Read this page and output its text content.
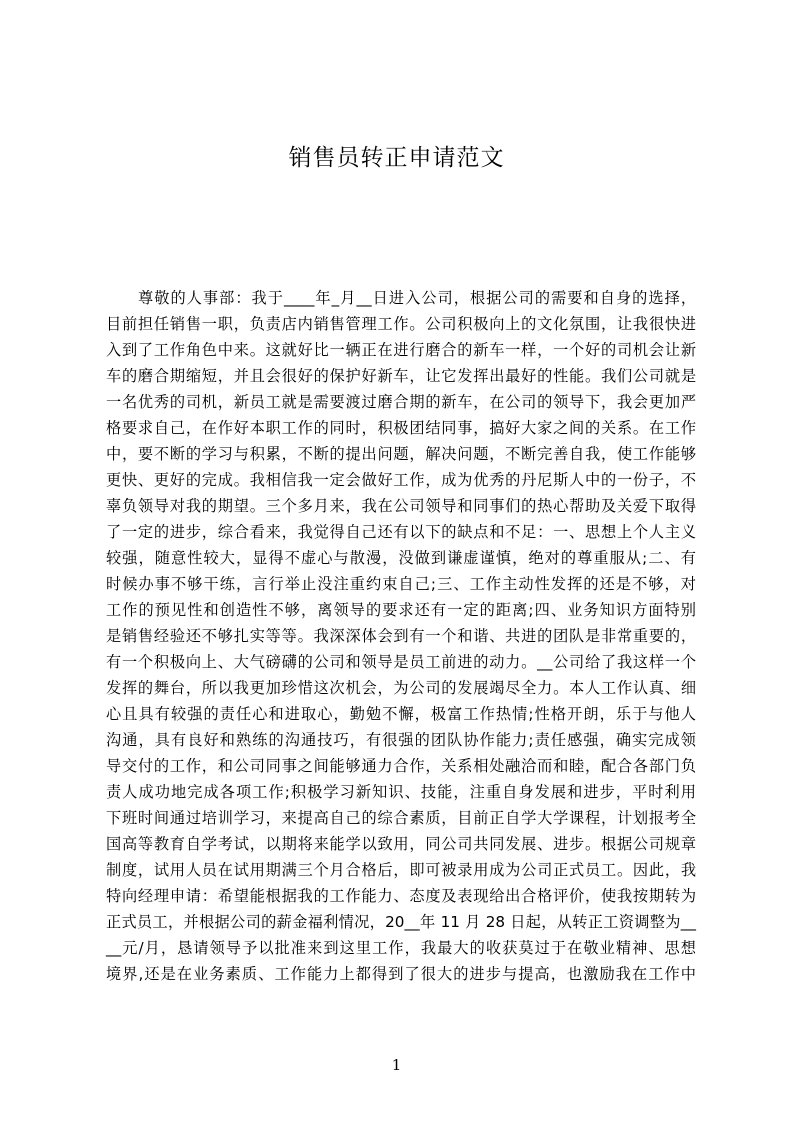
销售员转正申请范文
尊敬的人事部：我于____年_月__日进入公司，根据公司的需要和自身的选择，
目前担任销售一职，负责店内销售管理工作。公司积极向上的文化氛围，让我很快进
入到了工作角色中来。这就好比一辆正在进行磨合的新车一样，一个好的司机会让新
车的磨合期缩短，并且会很好的保护好新车，让它发挥出最好的性能。我们公司就是
一名优秀的司机，新员工就是需要渡过磨合期的新车，在公司的领导下，我会更加严
格要求自己，在作好本职工作的同时，积极团结同事，搞好大家之间的关系。在工作
中，要不断的学习与积累，不断的提出问题，解决问题，不断完善自我，使工作能够
更快、更好的完成。我相信我一定会做好工作，成为优秀的丹尼斯人中的一份子，不
辜负领导对我的期望。三个多月来，我在公司领导和同事们的热心帮助及关爱下取得
了一定的进步，综合看来，我觉得自己还有以下的缺点和不足：一、思想上个人主义
较强，随意性较大，显得不虚心与散漫，没做到谦虚谨慎，绝对的尊重服从;二、有
时候办事不够干练，言行举止没注重约束自己;三、工作主动性发挥的还是不够，对
工作的预见性和创造性不够，离领导的要求还有一定的距离;四、业务知识方面特别
是销售经验还不够扎实等等。我深深体会到有一个和谐、共进的团队是非常重要的，
有一个积极向上、大气磅礴的公司和领导是员工前进的动力。__公司给了我这样一个
发挥的舞台，所以我更加珍惜这次机会，为公司的发展竭尽全力。本人工作认真、细
心且具有较强的责任心和进取心，勤勉不懈，极富工作热情;性格开朗，乐于与他人
沟通，具有良好和熟练的沟通技巧，有很强的团队协作能力;责任感强，确实完成领
导交付的工作，和公司同事之间能够通力合作，关系相处融洽而和睦，配合各部门负
责人成功地完成各项工作;积极学习新知识、技能，注重自身发展和进步，平时利用
下班时间通过培训学习，来提高自己的综合素质，目前正自学大学课程，计划报考全
国高等教育自学考试，以期将来能学以致用，同公司共同发展、进步。根据公司规章
制度，试用人员在试用期满三个月合格后，即可被录用成为公司正式员工。因此，我
特向经理申请：希望能根据我的工作能力、态度及表现给出合格评价，使我按期转为
正式员工，并根据公司的薪金福利情况，20__年 11 月 28 日起，从转正工资调整为__
__元/月，恳请领导予以批准来到这里工作，我最大的收获莫过于在敬业精神、思想
境界,还是在业务素质、工作能力上都得到了很大的进步与提高，也激励我在工作中
1
